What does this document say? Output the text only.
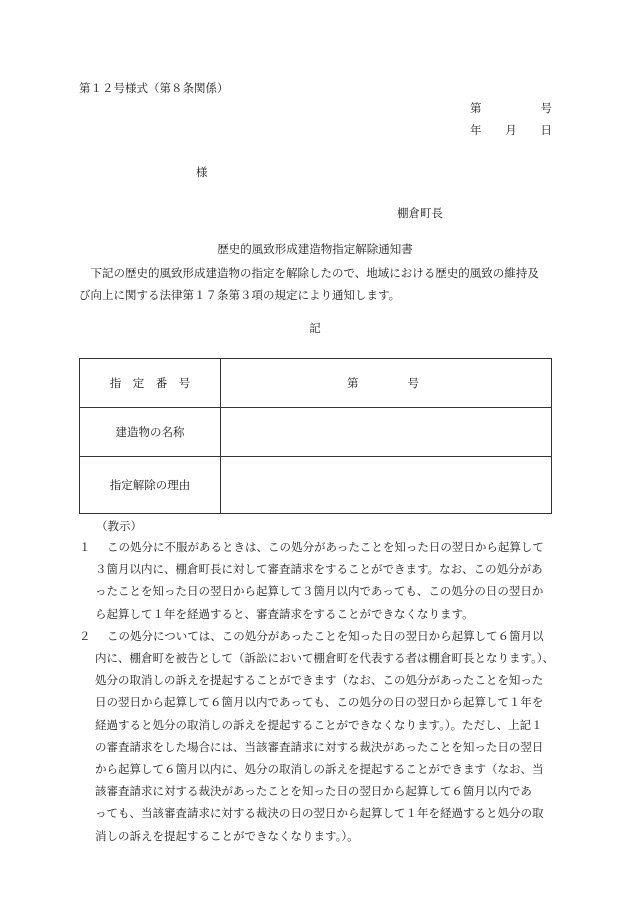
第１２号様式（第８条関係）
第	号
年 月 日
様
棚倉町長
歴史的風致形成建造物指定解除通知書
　下記の歴史的風致形成建造物の指定を解除したので、地域における歴史的風致の維持及
び向上に関する法律第１７条第３項の規定により通知します。
記
指　定　番　号	第 号

建造物の名称	
指定解除の理由	
（教示）
１	この処分に不服があるときは、この処分があったことを知った日の翌日から起算して
３箇月以内に、棚倉町長に対して審査請求をすることができます。なお、この処分があ
ったことを知った日の翌日から起算して３箇月以内であっても、この処分の日の翌日か
ら起算して１年を経過すると、審査請求をすることができなくなります。
２	この処分については、この処分があったことを知った日の翌日から起算して６箇月以
内に、棚倉町を被告として（訴訟において棚倉町を代表する者は棚倉町長となります。）、
処分の取消しの訴えを提起することができます（なお、この処分があったことを知った
日の翌日から起算して６箇月以内であっても、この処分の日の翌日から起算して１年を
経過すると処分の取消しの訴えを提起することができなくなります。）。ただし、上記１
の審査請求をした場合には、当該審査請求に対する裁決があったことを知った日の翌日
から起算して６箇月以内に、処分の取消しの訴えを提起することができます（なお、当
該審査請求に対する裁決があったことを知った日の翌日から起算して６箇月以内であ
っても、当該審査請求に対する裁決の日の翌日から起算して１年を経過すると処分の取
消しの訴えを提起することができなくなります。）。
